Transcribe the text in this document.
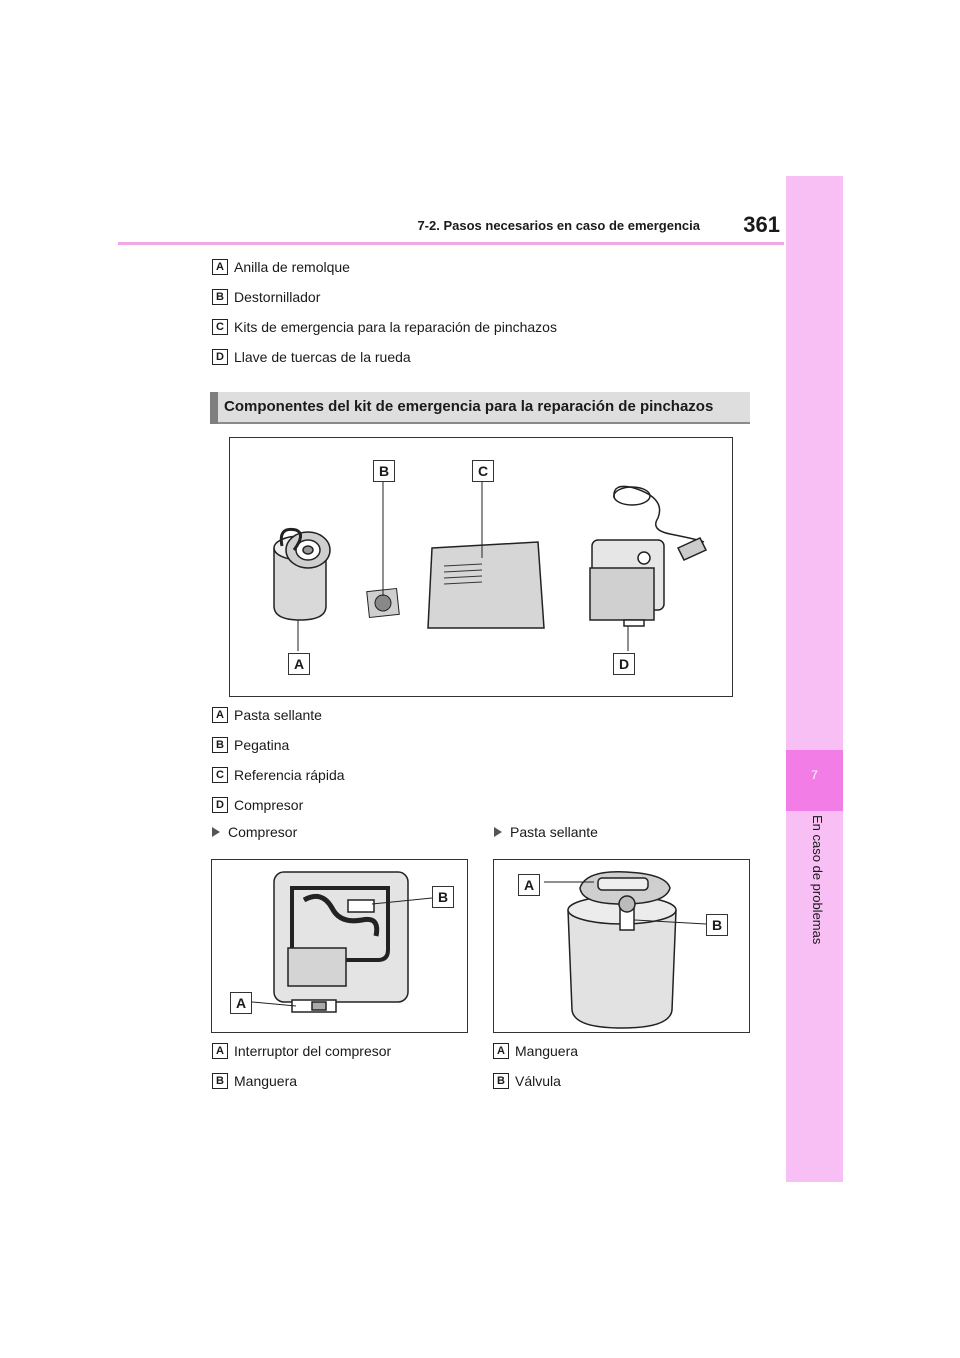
7-2. Pasos necesarios en caso de emergencia	361
7
En caso de problemas
A Anilla de remolque
B Destornillador
C Kits de emergencia para la reparación de pinchazos
D Llave de tuercas de la rueda
Componentes del kit de emergencia para la reparación de pinchazos
B	C
A	D
A Pasta sellante
B Pegatina
C Referencia rápida
D Compresor
Compresor	Pasta sellante
B
A
A
B
A Interruptor del compresor
B Manguera
A Manguera
B Válvula
